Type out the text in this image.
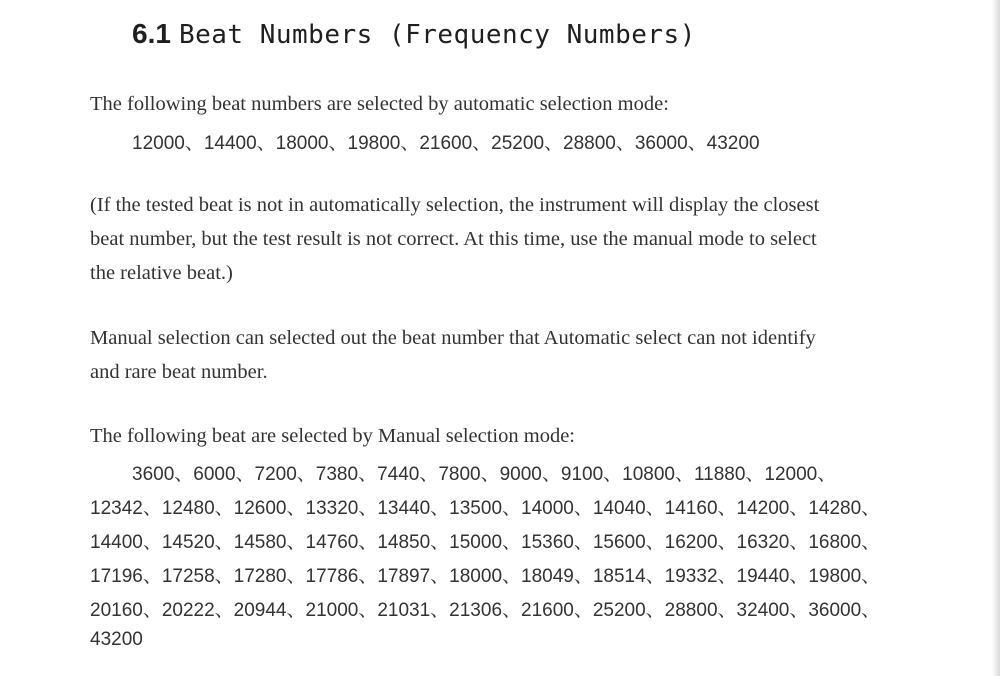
6.1 Beat Numbers (Frequency Numbers)

The following beat numbers are selected by automatic selection mode:

12000、14400、18000、19800、21600、25200、28800、36000、43200

(If the tested beat is not in automatically selection, the instrument will display the closest

beat number, but the test result is not correct. At this time, use the manual mode to select

the relative beat.)

Manual selection can selected out the beat number that Automatic select can not identify

and rare beat number.

The following beat are selected by Manual selection mode:

3600、6000、7200、7380、7440、7800、9000、9100、10800、11880、12000、

12342、12480、12600、13320、13440、13500、14000、14040、14160、14200、14280、

14400、14520、14580、14760、14850、15000、15360、15600、16200、16320、16800、

17196、17258、17280、17786、17897、18000、18049、18514、19332、19440、19800、

20160、20222、20944、21000、21031、21306、21600、25200、28800、32400、36000、

43200
